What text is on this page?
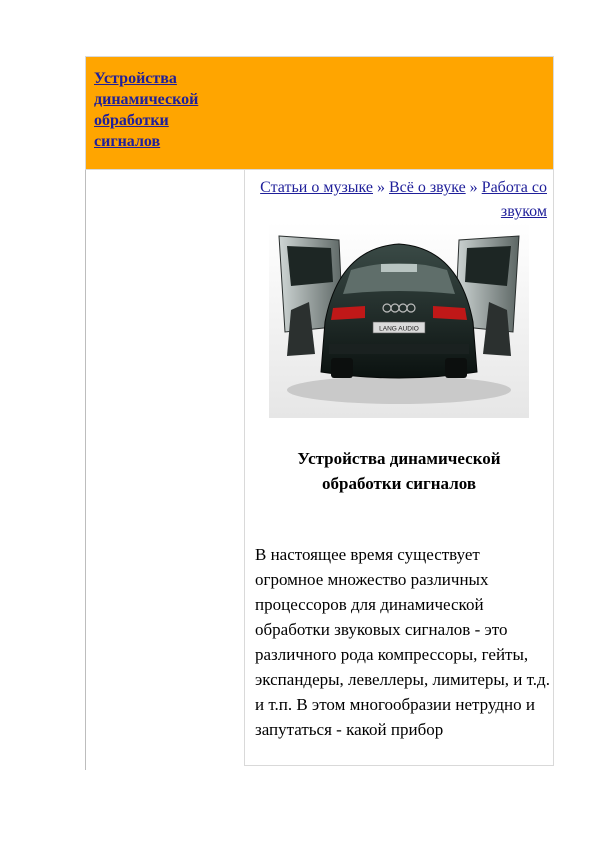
Устройства
динамической
обработки
сигналов
Статьи о музыке » Всё о звуке » Работа со звуком
LANG AUDIO
Устройства динамической обработки сигналов
В настоящее время существует огромное множество различных процессоров для динамической обработки звуковых сигналов - это различного рода компрессоры, гейты, экспандеры, левеллеры, лимитеры, и т.д. и т.п. В этом многообразии нетрудно и запутаться - какой прибор
